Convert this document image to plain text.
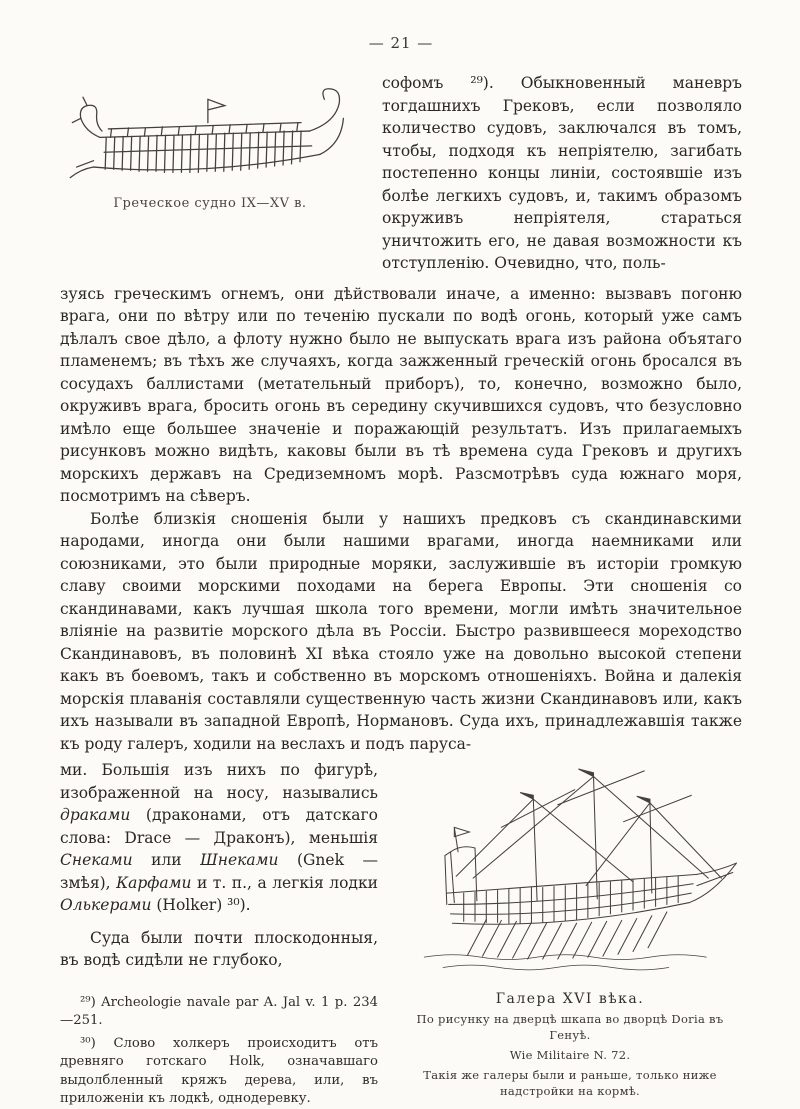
— 21 —
Греческое судно IX—XV в.

софомъ ²⁹). Обыкновенный маневръ тогдашнихъ Грековъ, если позволяло количество судовъ, заключался въ томъ, чтобы, подходя къ непріятелю, загибать постепенно концы линіи, состоявшіе изъ болѣе легкихъ судовъ, и, такимъ образомъ окруживъ непріятеля, стараться уничтожить его, не давая возможности къ отступленію. Очевидно, что, поль-

зуясь греческимъ огнемъ, они дѣйствовали иначе, а именно: вызвавъ погоню врага, они по вѣтру или по теченію пускали по водѣ огонь, который уже самъ дѣлалъ свое дѣло, а флоту нужно было не выпускать врага изъ района объятаго пламенемъ; въ тѣхъ же случаяхъ, когда зажженный греческій огонь бросался въ сосудахъ баллистами (метательный приборъ), то, конечно, возможно было, окруживъ врага, бросить огонь въ середину скучившихся судовъ, что безусловно имѣло еще большее значеніе и поражающій результатъ. Изъ прилагаемыхъ рисунковъ можно видѣть, каковы были въ тѣ времена суда Грековъ и другихъ морскихъ державъ на Средиземномъ морѣ. Разсмотрѣвъ суда южнаго моря, посмотримъ на сѣверъ.

Болѣе близкія сношенія были у нашихъ предковъ съ скандинавскими народами, иногда они были нашими врагами, иногда наемниками или союзниками, это были природные моряки, заслужившіе въ исторіи громкую славу своими морскими походами на берега Европы. Эти сношенія со скандинавами, какъ лучшая школа того времени, могли имѣть значительное вліяніе на развитіе морского дѣла въ Россіи. Быстро развившееся мореходство Скандинавовъ, въ половинѣ XI вѣка стояло уже на довольно высокой степени какъ въ боевомъ, такъ и собственно въ морскомъ отношеніяхъ. Война и далекія морскія плаванія составляли существенную часть жизни Скандинавовъ или, какъ ихъ называли въ западной Европѣ, Нормановъ. Суда ихъ, принадлежавшія также къ роду галеръ, ходили на веслахъ и подъ паруса-

ми. Большія изъ нихъ по фигурѣ, изображенной на носу, назывались драками (драконами, отъ датскаго слова: Drace — Драконъ), меньшія Снеками или Шнеками (Gnek — змѣя), Карфами и т. п., а легкія лодки Олькерами (Holker) ³⁰).

Суда были почти плоскодонныя, въ водѣ сидѣли не глубоко,

²⁹) Archeologie navale par A. Jal v. 1 p. 234—251.

³⁰) Слово холкеръ происходитъ отъ древняго готскаго Holk, означавшаго выдолбленный кряжъ дерева, или, въ приложеніи къ лодкѣ, однодеревку.

Галера XVI вѣка.
По рисунку на дверцѣ шкапа во дворцѣ Doria въ Генуѣ.
Wie Militaire N. 72.
Такія же галеры были и раньше, только ниже надстройки на кормѣ.
